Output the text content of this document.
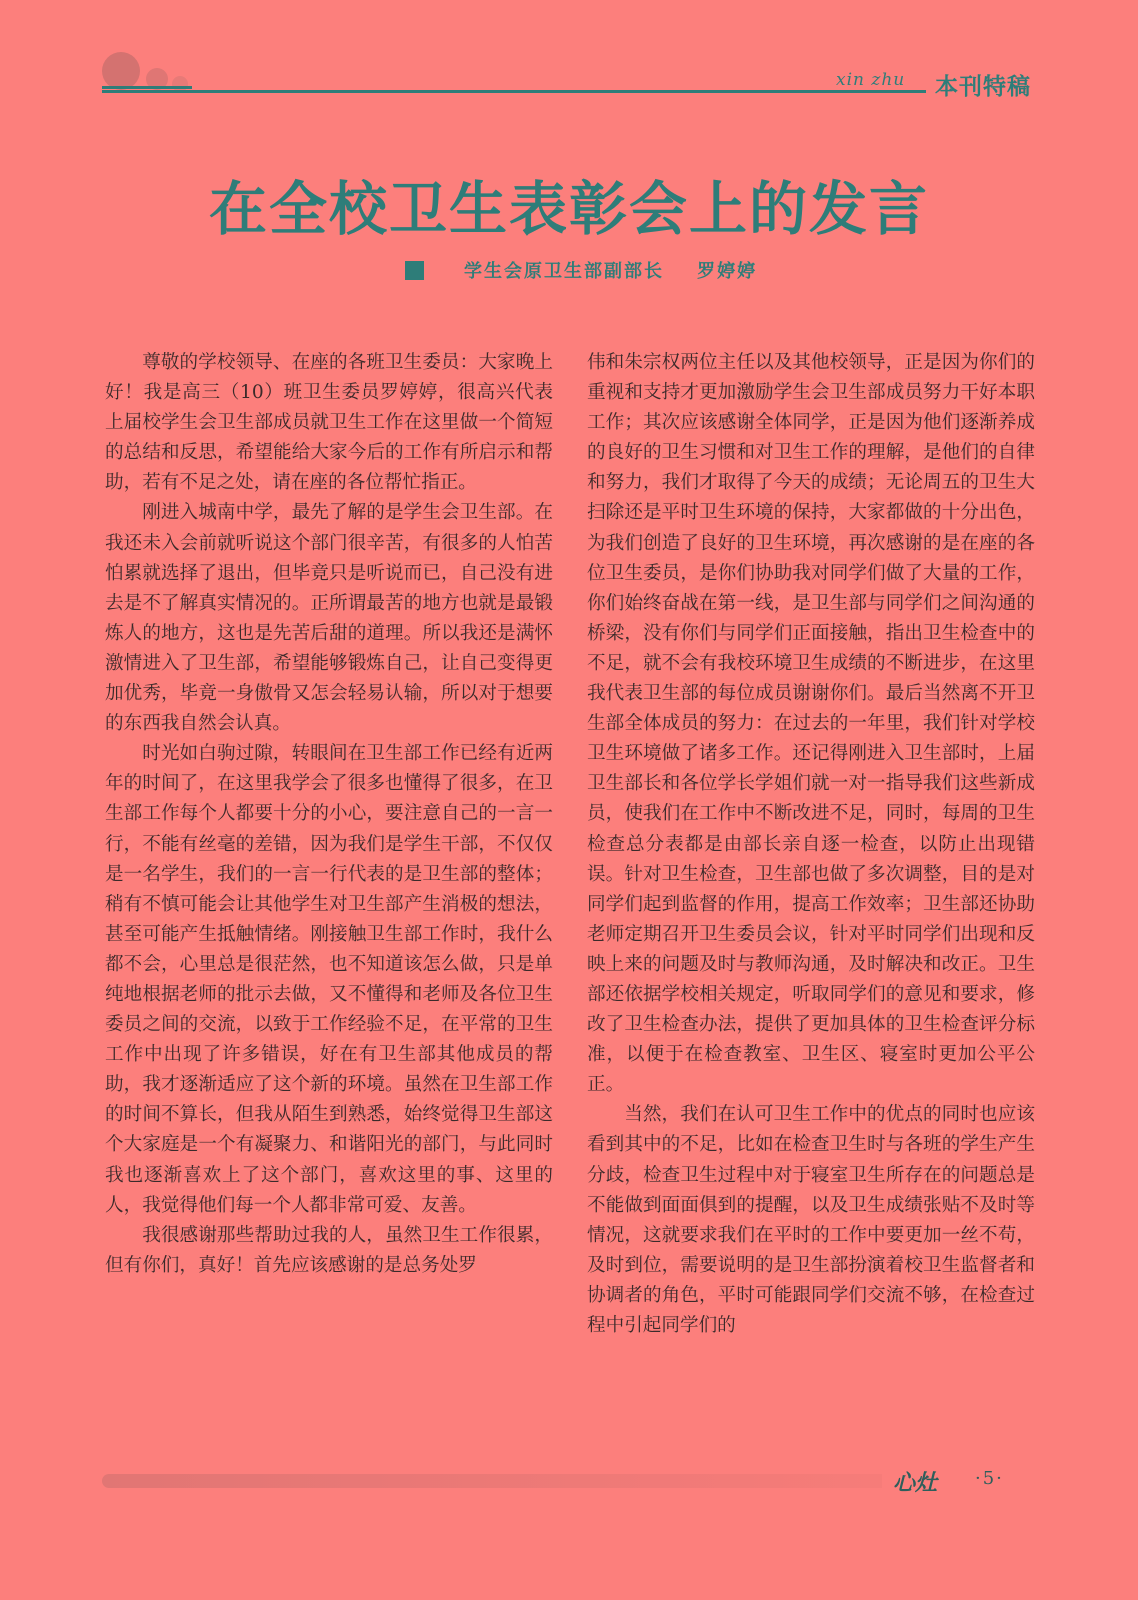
xin zhu 本刊特稿
在全校卫生表彰会上的发言
学生会原卫生部副部长    罗婷婷

尊敬的学校领导、在座的各班卫生委员：大家晚上好！我是高三（10）班卫生委员罗婷婷，很高兴代表上届校学生会卫生部成员就卫生工作在这里做一个简短的总结和反思，希望能给大家今后的工作有所启示和帮助，若有不足之处，请在座的各位帮忙指正。

刚进入城南中学，最先了解的是学生会卫生部。在我还未入会前就听说这个部门很辛苦，有很多的人怕苦怕累就选择了退出，但毕竟只是听说而已，自己没有进去是不了解真实情况的。正所谓最苦的地方也就是最锻炼人的地方，这也是先苦后甜的道理。所以我还是满怀激情进入了卫生部，希望能够锻炼自己，让自己变得更加优秀，毕竟一身傲骨又怎会轻易认输，所以对于想要的东西我自然会认真。

时光如白驹过隙，转眼间在卫生部工作已经有近两年的时间了，在这里我学会了很多也懂得了很多，在卫生部工作每个人都要十分的小心，要注意自己的一言一行，不能有丝毫的差错，因为我们是学生干部，不仅仅是一名学生，我们的一言一行代表的是卫生部的整体；稍有不慎可能会让其他学生对卫生部产生消极的想法，甚至可能产生抵触情绪。刚接触卫生部工作时，我什么都不会，心里总是很茫然，也不知道该怎么做，只是单纯地根据老师的批示去做，又不懂得和老师及各位卫生委员之间的交流，以致于工作经验不足，在平常的卫生工作中出现了许多错误，好在有卫生部其他成员的帮助，我才逐渐适应了这个新的环境。虽然在卫生部工作的时间不算长，但我从陌生到熟悉，始终觉得卫生部这个大家庭是一个有凝聚力、和谐阳光的部门，与此同时我也逐渐喜欢上了这个部门，喜欢这里的事、这里的人，我觉得他们每一个人都非常可爱、友善。

我很感谢那些帮助过我的人，虽然卫生工作很累，但有你们，真好！首先应该感谢的是总务处罗

伟和朱宗权两位主任以及其他校领导，正是因为你们的重视和支持才更加激励学生会卫生部成员努力干好本职工作；其次应该感谢全体同学，正是因为他们逐渐养成的良好的卫生习惯和对卫生工作的理解，是他们的自律和努力，我们才取得了今天的成绩；无论周五的卫生大扫除还是平时卫生环境的保持，大家都做的十分出色，为我们创造了良好的卫生环境，再次感谢的是在座的各位卫生委员，是你们协助我对同学们做了大量的工作，你们始终奋战在第一线，是卫生部与同学们之间沟通的桥梁，没有你们与同学们正面接触，指出卫生检查中的不足，就不会有我校环境卫生成绩的不断进步，在这里我代表卫生部的每位成员谢谢你们。最后当然离不开卫生部全体成员的努力：在过去的一年里，我们针对学校卫生环境做了诸多工作。还记得刚进入卫生部时，上届卫生部长和各位学长学姐们就一对一指导我们这些新成员，使我们在工作中不断改进不足，同时，每周的卫生检查总分表都是由部长亲自逐一检查，以防止出现错误。针对卫生检查，卫生部也做了多次调整，目的是对同学们起到监督的作用，提高工作效率；卫生部还协助老师定期召开卫生委员会议，针对平时同学们出现和反映上来的问题及时与教师沟通，及时解决和改正。卫生部还依据学校相关规定，听取同学们的意见和要求，修改了卫生检查办法，提供了更加具体的卫生检查评分标准，以便于在检查教室、卫生区、寝室时更加公平公正。

当然，我们在认可卫生工作中的优点的同时也应该看到其中的不足，比如在检查卫生时与各班的学生产生分歧，检查卫生过程中对于寝室卫生所存在的问题总是不能做到面面俱到的提醒，以及卫生成绩张贴不及时等情况，这就要求我们在平时的工作中要更加一丝不苟，及时到位，需要说明的是卫生部扮演着校卫生监督者和协调者的角色，平时可能跟同学们交流不够，在检查过程中引起同学们的

心灶 ·5·
